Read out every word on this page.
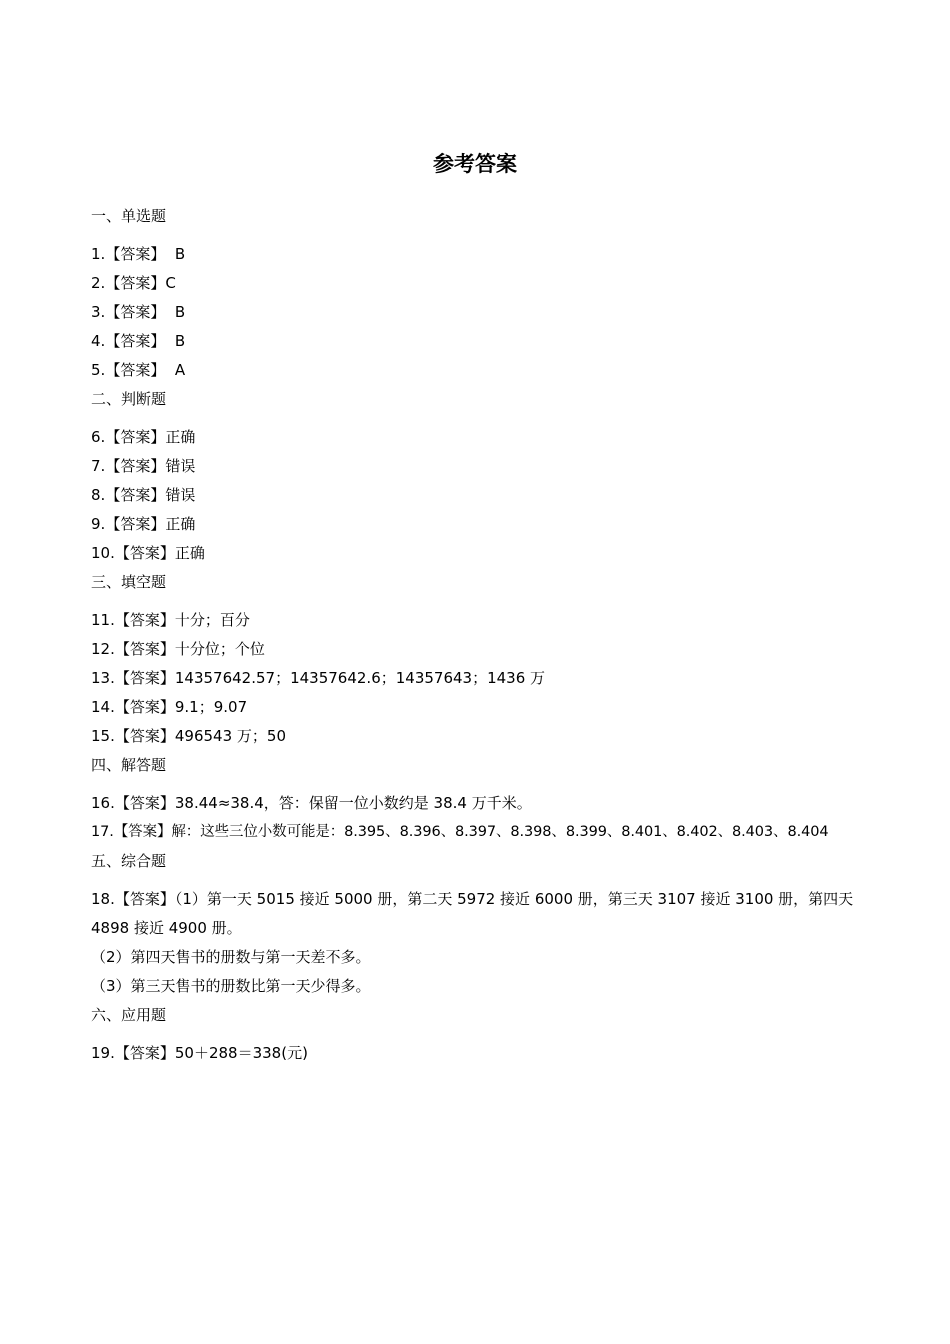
参考答案
一、单选题
1.【答案】  B
2.【答案】C
3.【答案】  B
4.【答案】  B
5.【答案】  A
二、判断题
6.【答案】正确
7.【答案】错误
8.【答案】错误
9.【答案】正确
10.【答案】正确
三、填空题
11.【答案】十分；百分
12.【答案】十分位；个位
13.【答案】14357642.57；14357642.6；14357643；1436 万
14.【答案】9.1；9.07
15.【答案】496543 万；50
四、解答题
16.【答案】38.44≈38.4，答：保留一位小数约是 38.4 万千米。
17.【答案】解：这些三位小数可能是：8.395、8.396、8.397、8.398、8.399、8.401、8.402、8.403、8.404
五、综合题
18.【答案】（1）第一天 5015 接近 5000 册，第二天 5972 接近 6000 册，第三天 3107 接近 3100 册，第四天 4898 接近 4900 册。
（2）第四天售书的册数与第一天差不多。
（3）第三天售书的册数比第一天少得多。
六、应用题
19.【答案】50＋288＝338(元)
